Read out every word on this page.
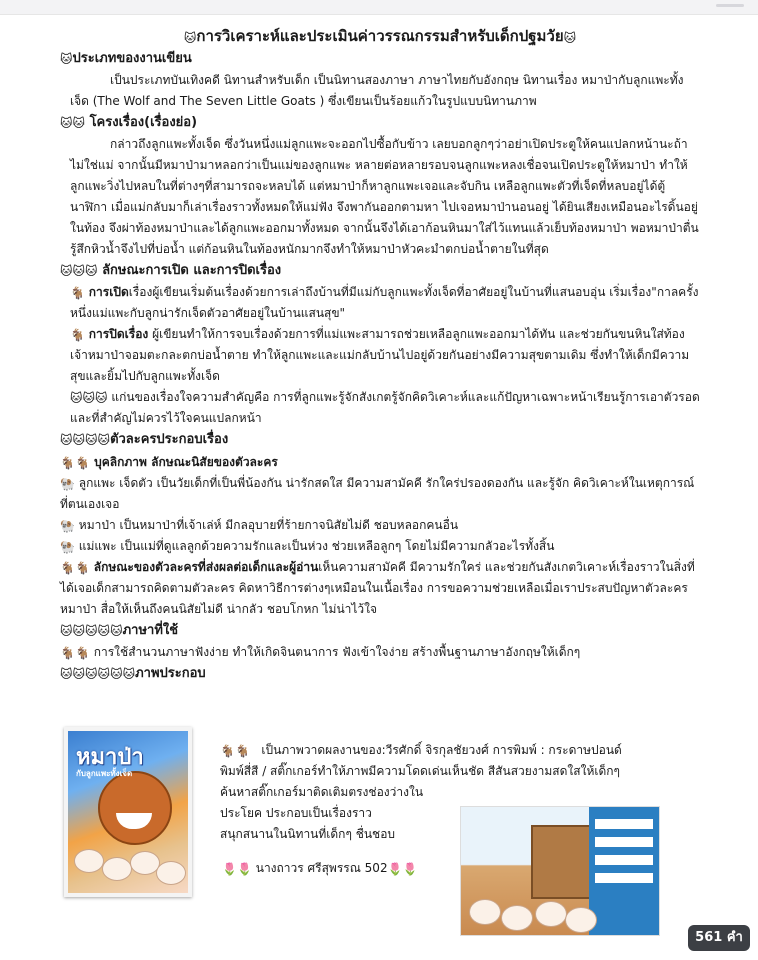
🐱การวิเคราะห์และประเมินค่าวรรณกรรมสำหรับเด็กปฐมวัย🐱

🐱ประเภทของงานเขียน

เป็นประเภทบันเทิงคดี นิทานสำหรับเด็ก เป็นนิทานสองภาษา ภาษาไทยกับอังกฤษ นิทานเรื่อง หมาป่ากับลูกแพะทั้งเจ็ด (The Wolf and The Seven Little Goats ) ซึ่งเขียนเป็นร้อยแก้วในรูปแบบนิทานภาพ

🐱🐱 โครงเรื่อง(เรื่องย่อ)

กล่าวถึงลูกแพะทั้งเจ็ด ซึ่งวันหนึ่งแม่ลูกแพะจะออกไปซื้อกับข้าว เลยบอกลูกๆว่าอย่าเปิดประตูให้คนแปลกหน้านะถ้าไม่ใช่แม่ จากนั้นมีหมาป่ามาหลอกว่าเป็นแม่ของลูกแพะ หลายต่อหลายรอบจนลูกแพะหลงเชื่อจนเปิดประตูให้หมาป่า ทำให้ลูกแพะวิ่งไปหลบในที่ต่างๆที่สามารถจะหลบได้ แต่หมาป่าก็หาลูกแพะเจอและจับกิน เหลือลูกแพะตัวที่เจ็ดที่หลบอยู่ได้ตู้นาฬิกา เมื่อแม่กลับมาก็เล่าเรื่องราวทั้งหมดให้แม่ฟัง จึงพากันออกตามหา ไปเจอหมาป่านอนอยู่ ได้ยินเสียงเหมือนอะไรดิ้นอยู่ในท้อง จึงผ่าท้องหมาป่าและได้ลูกแพะออกมาทั้งหมด จากนั้นจึงได้เอาก้อนหินมาใส่ไว้แทนแล้วเย็บท้องหมาป่า พอหมาป่าตื่น รู้สึกหิวน้ำจึงไปที่บ่อน้ำ แต่ก้อนหินในท้องหนักมากจึงทำให้หมาป่าหัวคะมำตกบ่อน้ำตายในที่สุด

🐱🐱🐱 ลักษณะการเปิด และการปิดเรื่อง

🐐 การเปิดเรื่องผู้เขียนเริ่มต้นเรื่องด้วยการเล่าถึงบ้านที่มีแม่กับลูกแพะทั้งเจ็ดที่อาศัยอยู่ในบ้านที่แสนอบอุ่น เริ่มเรื่อง"กาลครั้งหนึ่งแม่แพะกับลูกน่ารักเจ็ดตัวอาศัยอยู่ในบ้านแสนสุข"

🐐 การปิดเรื่อง ผู้เขียนทำให้การจบเรื่องด้วยการที่แม่แพะสามารถช่วยเหลือลูกแพะออกมาได้ทัน และช่วยกันขนหินใส่ท้องเจ้าหมาป่าจอมตะกละตกบ่อน้ำตาย ทำให้ลูกแพะและแม่กลับบ้านไปอยู่ด้วยกันอย่างมีความสุขตามเดิม ซึ่งทำให้เด็กมีความสุขและยิ้มไปกับลูกแพะทั้งเจ็ด

🐱🐱🐱 แก่นของเรื่องใจความสำคัญคือ การที่ลูกแพะรู้จักสังเกตรู้จักคิดวิเคาะห์และแก้ปัญหาเฉพาะหน้าเรียนรู้การเอาตัวรอดและที่สำคัญไม่ควรไว้ใจคนแปลกหน้า

🐱🐱🐱🐱ตัวละครประกอบเรื่อง

🐐🐐 บุคลิกภาพ ลักษณะนิสัยของตัวละคร

🐏 ลูกแพะ เจ็ดตัว เป็นวัยเด็กที่เป็นพี่น้องกัน น่ารักสดใส มีความสามัคคี รักใคร่ปรองดองกัน และรู้จัก คิดวิเคาะห์ในเหตุการณ์ที่ตนเองเจอ

🐏 หมาป่า เป็นหมาป่าที่เจ้าเล่ห์ มีกลอุบายที่ร้ายกาจนิสัยไม่ดี ชอบหลอกคนอื่น

🐏 แม่แพะ เป็นแม่ที่ดูแลลูกด้วยความรักและเป็นห่วง ช่วยเหลือลูกๆ โดยไม่มีความกลัวอะไรทั้งสิ้น

🐐🐐 ลักษณะของตัวละครที่ส่งผลต่อเด็กและผู้อ่านเห็นความสามัคคี มีความรักใคร่ และช่วยกันสังเกตวิเคาะห์เรื่องราวในสิ่งที่ได้เจอเด็กสามารถคิดตามตัวละคร คิดหาวิธีการต่างๆเหมือนในเนื้อเรื่อง การขอความช่วยเหลือเมื่อเราประสบปัญหาตัวละครหมาป่า สื่อให้เห็นถึงคนนิสัยไม่ดี น่ากลัว ชอบโกหก ไม่น่าไว้ใจ

🐱🐱🐱🐱🐱ภาษาที่ใช้

🐐🐐 การใช้สำนวนภาษาฟังง่าย ทำให้เกิดจินตนาการ ฟังเข้าใจง่าย สร้างพื้นฐานภาษาอังกฤษให้เด็กๆ

🐱🐱🐱🐱🐱🐱ภาพประกอบ

หมาป่า
กับลูกแพะทั้งเจ็ด

🐐🐐 เป็นภาพวาดผลงานของ:วีรศักดิ์ จิรกุลชัยวงศ์ การพิมพ์ : กระดาษปอนด์

พิมพ์สี่สี / สติ๊กเกอร์ทำให้ภาพมีความโดดเด่นเห็นชัด สีสันสวยงามสดใสให้เด็กๆ

ค้นหาสติ๊กเกอร์มาติดเติมตรงช่องว่างใน

ประโยค ประกอบเป็นเรื่องราว

สนุกสนานในนิทานที่เด็กๆ ชื่นชอบ

🌷🌷 นางถาวร ศรีสุพรรณ 502🌷🌷
561 คำ
